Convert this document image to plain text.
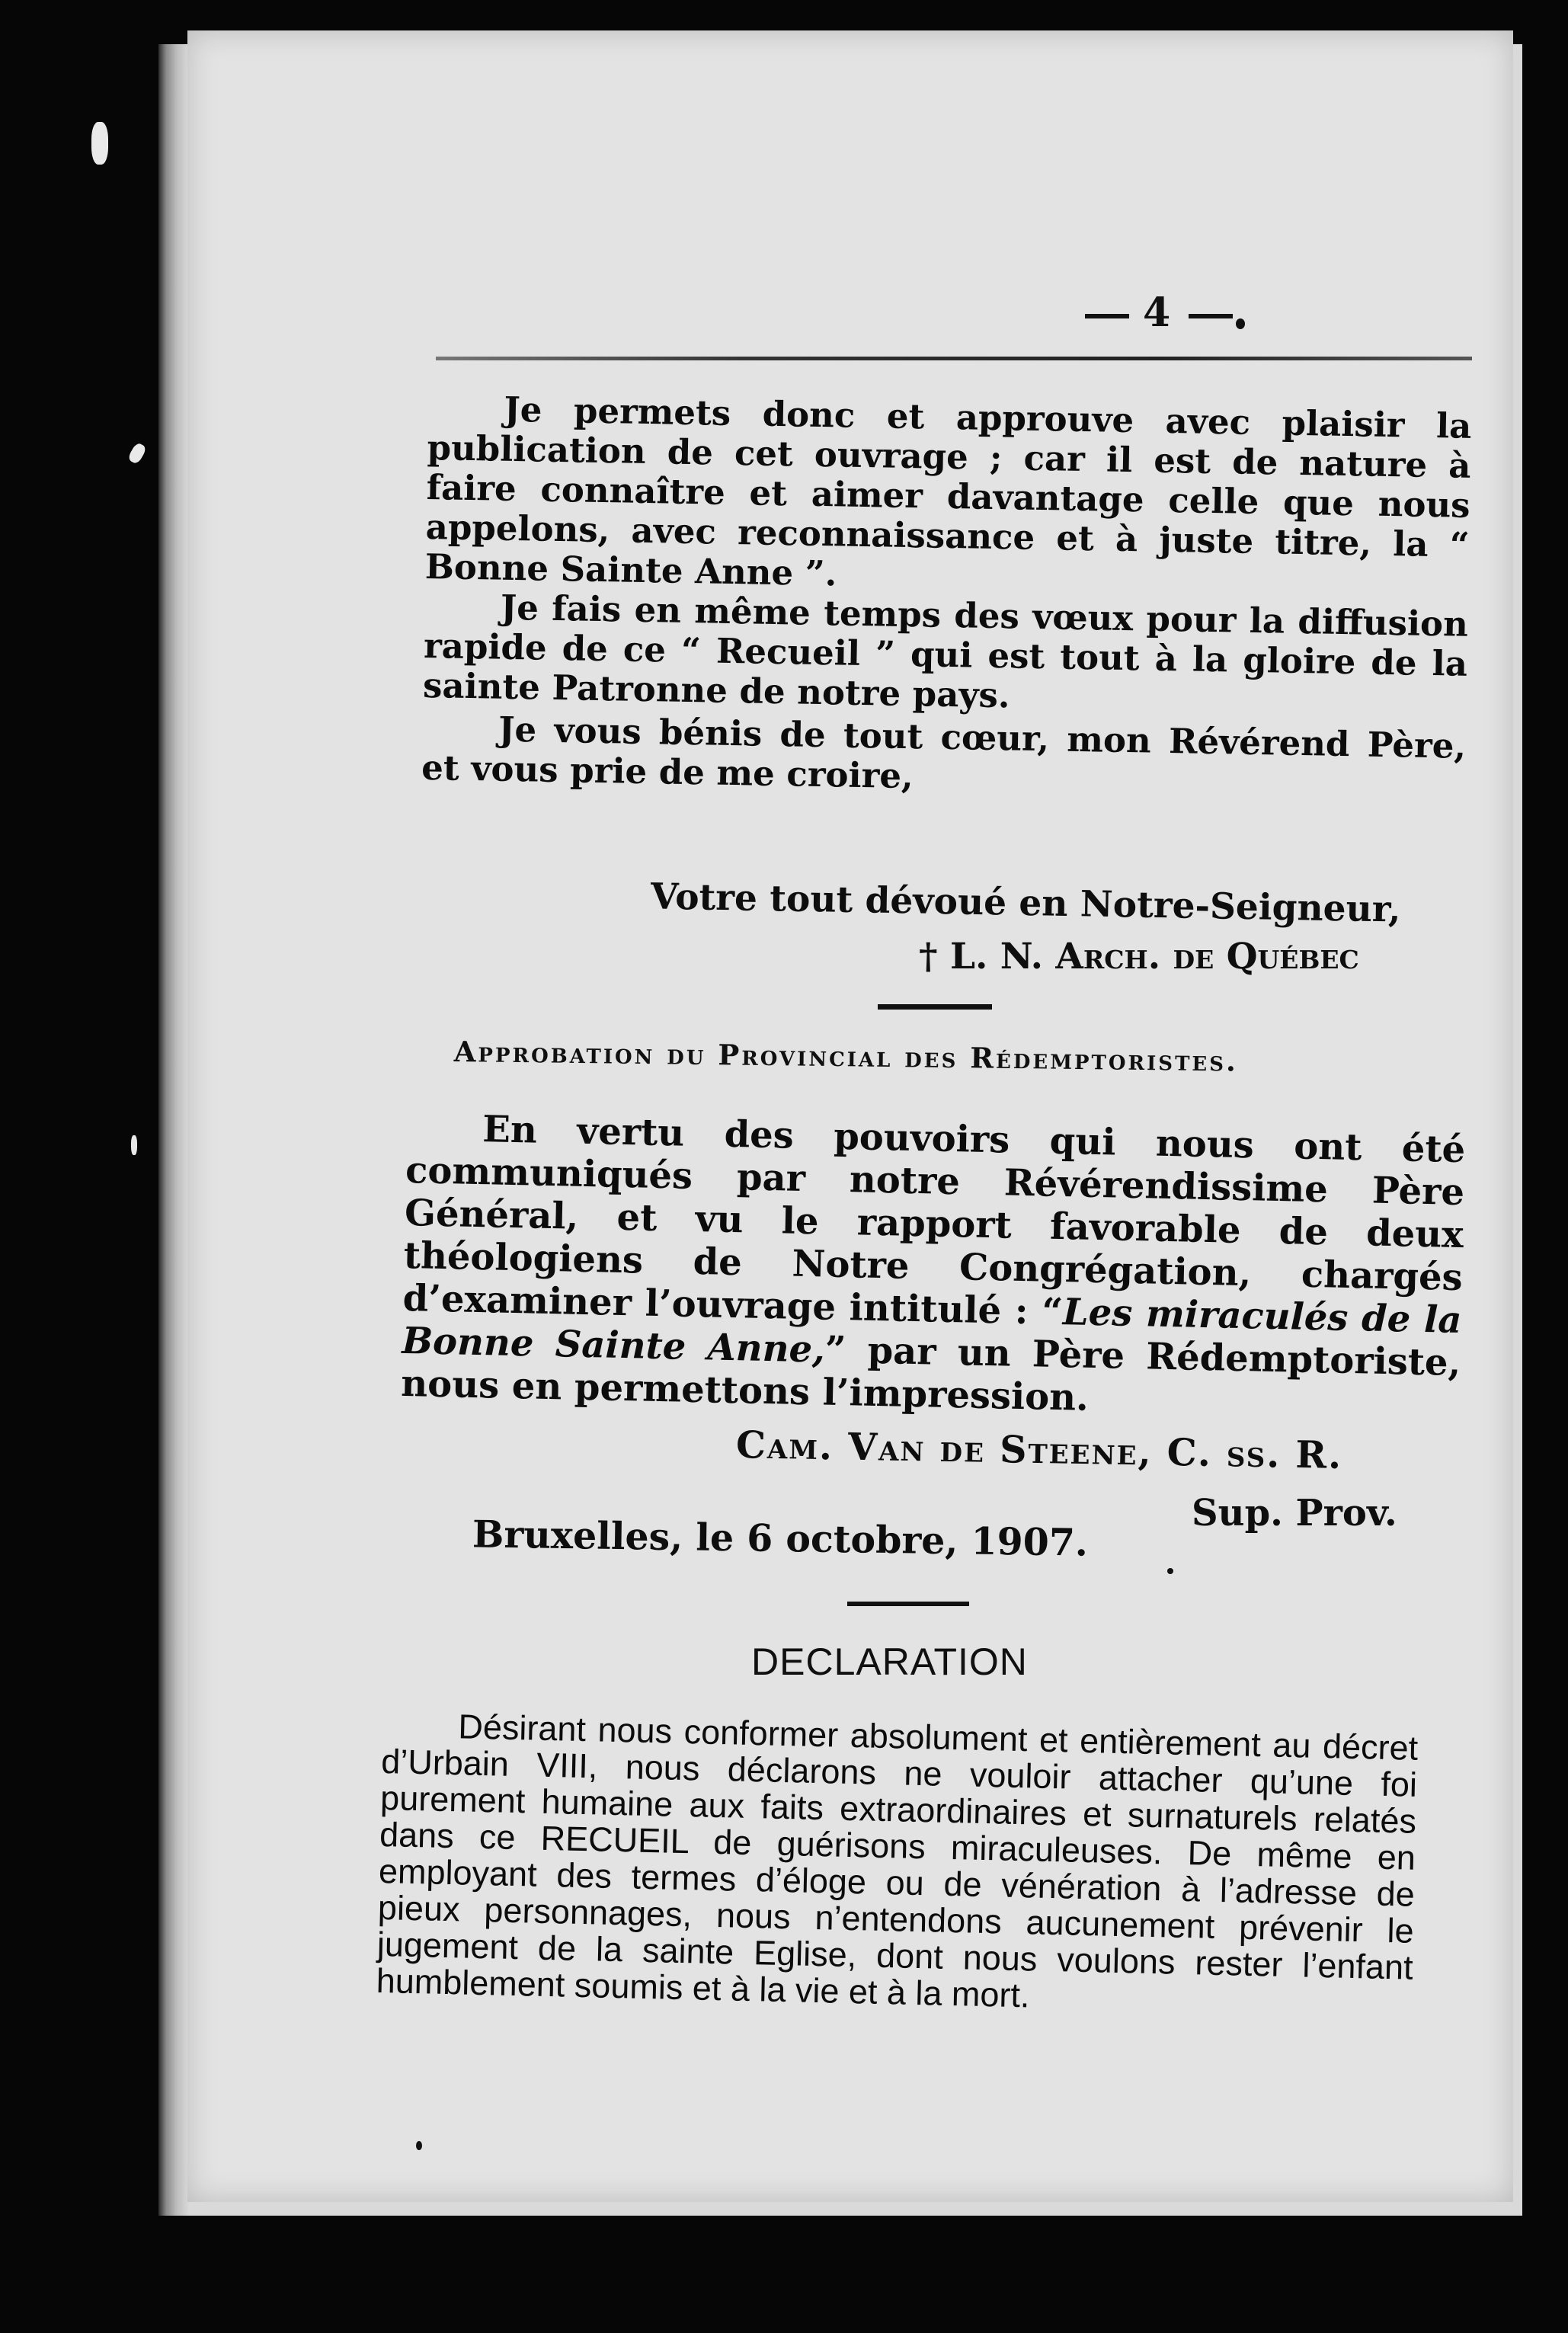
4

Je permets donc et approuve avec plaisir la publication de cet ouvrage ; car il est de nature à faire connaître et aimer davantage celle que nous appelons, avec reconnaissance et à juste titre, la “ Bonne Sainte Anne ”.

Je fais en même temps des vœux pour la diffusion rapide de ce “ Recueil ” qui est tout à la gloire de la sainte Patronne de notre pays.

Je vous bénis de tout cœur, mon Révérend Père, et vous prie de me croire,

Votre tout dévoué en Notre-Seigneur,
† L. N. Arch. de Québec
Approbation du Provincial des Rédemptoristes.

En vertu des pouvoirs qui nous ont été communiqués par notre Révérendissime Père Général, et vu le rapport favorable de deux théologiens de Notre Congrégation, chargés d’examiner l’ouvrage intitulé : “Les miraculés de la Bonne Sainte Anne,” par un Père Rédemptoriste, nous en permettons l’impression.

Cam. Van de Steene, C. ss. R.
Sup. Prov.
Bruxelles, le 6 octobre, 1907.
DECLARATION

Désirant nous conformer absolument et entièrement au décret d’Urbain VIII, nous déclarons ne vouloir attacher qu’une foi purement humaine aux faits extraordinaires et surnaturels relatés dans ce RECUEIL de guérisons miraculeuses. De même en employant des termes d’éloge ou de vénération à l’adresse de pieux personnages, nous n’entendons aucunement prévenir le jugement de la sainte Eglise, dont nous voulons rester l’enfant humblement soumis et à la vie et à la mort.
